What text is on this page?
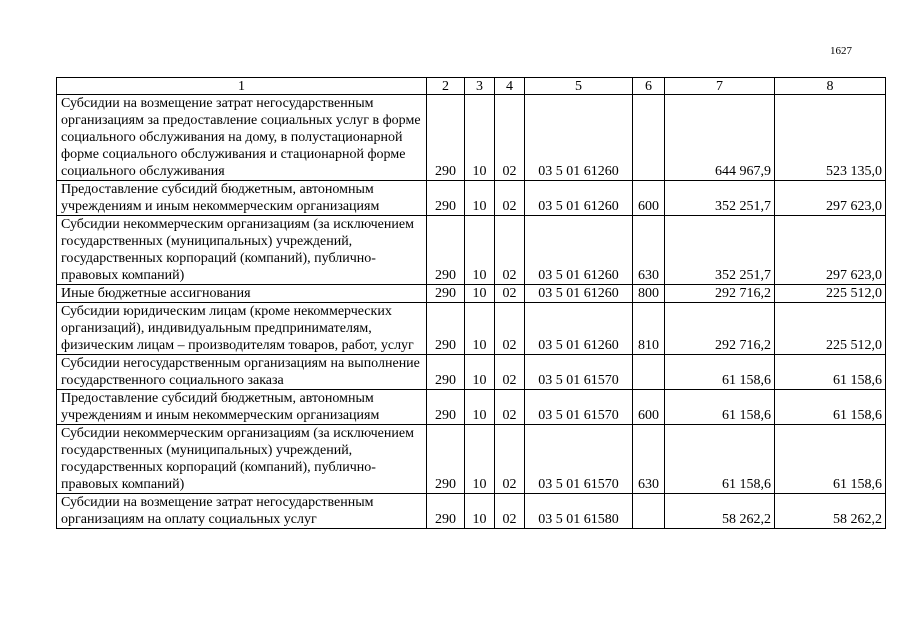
1627
1	2	3	4	5	6	7	8
Субсидии на возмещение затрат негосударственным организациям за предоставление социальных услуг в форме социального обслуживания на дому, в полустационарной форме социального обслуживания и стационарной форме социального обслуживания	290	10	02	03 5 01 61260		644 967,9	523 135,0
Предоставление субсидий бюджетным, автономным учреждениям и иным некоммерческим организациям	290	10	02	03 5 01 61260	600	352 251,7	297 623,0
Субсидии некоммерческим организациям (за исключением государственных (муниципальных) учреждений, государственных корпораций (компаний), публично-правовых компаний)	290	10	02	03 5 01 61260	630	352 251,7	297 623,0
Иные бюджетные ассигнования	290	10	02	03 5 01 61260	800	292 716,2	225 512,0
Субсидии юридическим лицам (кроме некоммерческих организаций), индивидуальным предпринимателям, физическим лицам – производителям товаров, работ, услуг	290	10	02	03 5 01 61260	810	292 716,2	225 512,0
Субсидии негосударственным организациям на выполнение государственного социального заказа	290	10	02	03 5 01 61570		61 158,6	61 158,6
Предоставление субсидий бюджетным, автономным учреждениям и иным некоммерческим организациям	290	10	02	03 5 01 61570	600	61 158,6	61 158,6
Субсидии некоммерческим организациям (за исключением государственных (муниципальных) учреждений, государственных корпораций (компаний), публично-правовых компаний)	290	10	02	03 5 01 61570	630	61 158,6	61 158,6
Субсидии на возмещение затрат негосударственным организациям на оплату социальных услуг	290	10	02	03 5 01 61580		58 262,2	58 262,2
